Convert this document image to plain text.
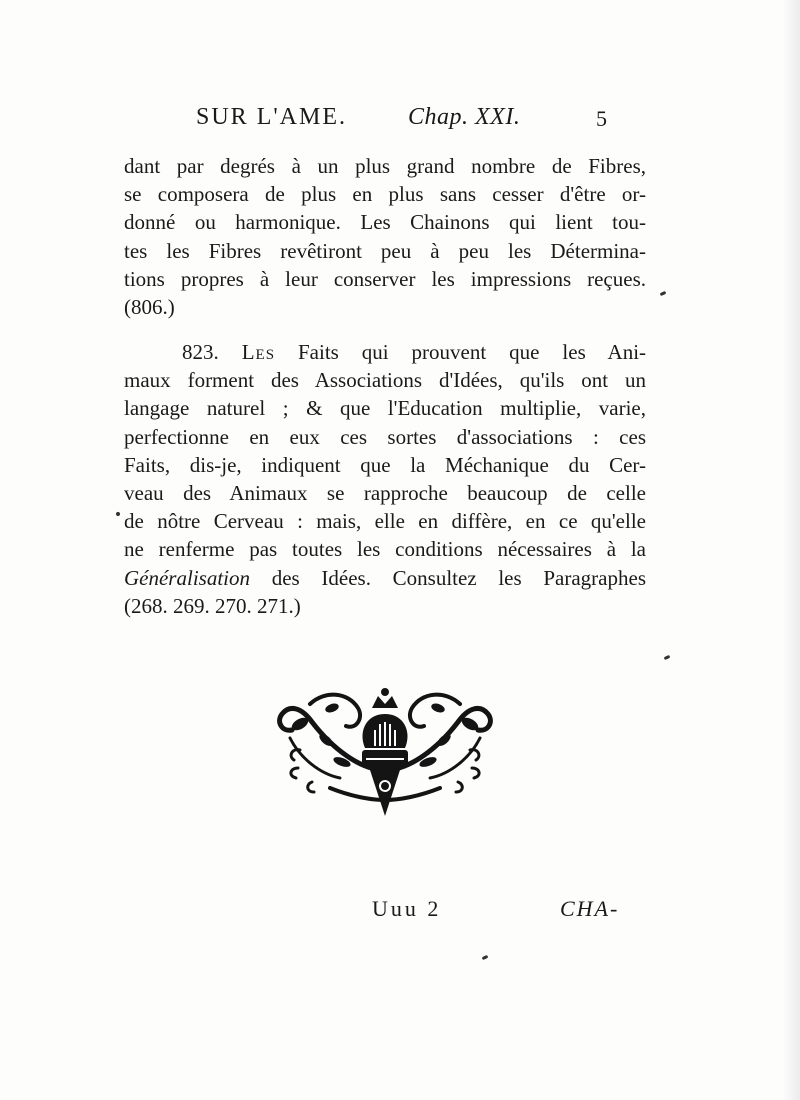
SUR L'AME.	Chap. XXI.	5
dant par degrés à un plus grand nombre de Fibres,
se composera de plus en plus sans cesser d'être or-
donné ou harmonique. Les Chainons qui lient tou-
tes les Fibres revêtiront peu à peu les Détermina-
tions propres à leur conserver les impressions reçues.
(806.)
823. Les Faits qui prouvent que les Ani-
maux forment des Associations d'Idées, qu'ils ont un
langage naturel ; & que l'Education multiplie, varie,
perfectionne en eux ces sortes d'associations : ces
Faits, dis-je, indiquent que la Méchanique du Cer-
veau des Animaux se rapproche beaucoup de celle
de nôtre Cerveau : mais, elle en diffère, en ce qu'elle
ne renferme pas toutes les conditions nécessaires à la
Généralisation des Idées. Consultez les Paragraphes
(268. 269. 270. 271.)
Uuu 2	CHA-
